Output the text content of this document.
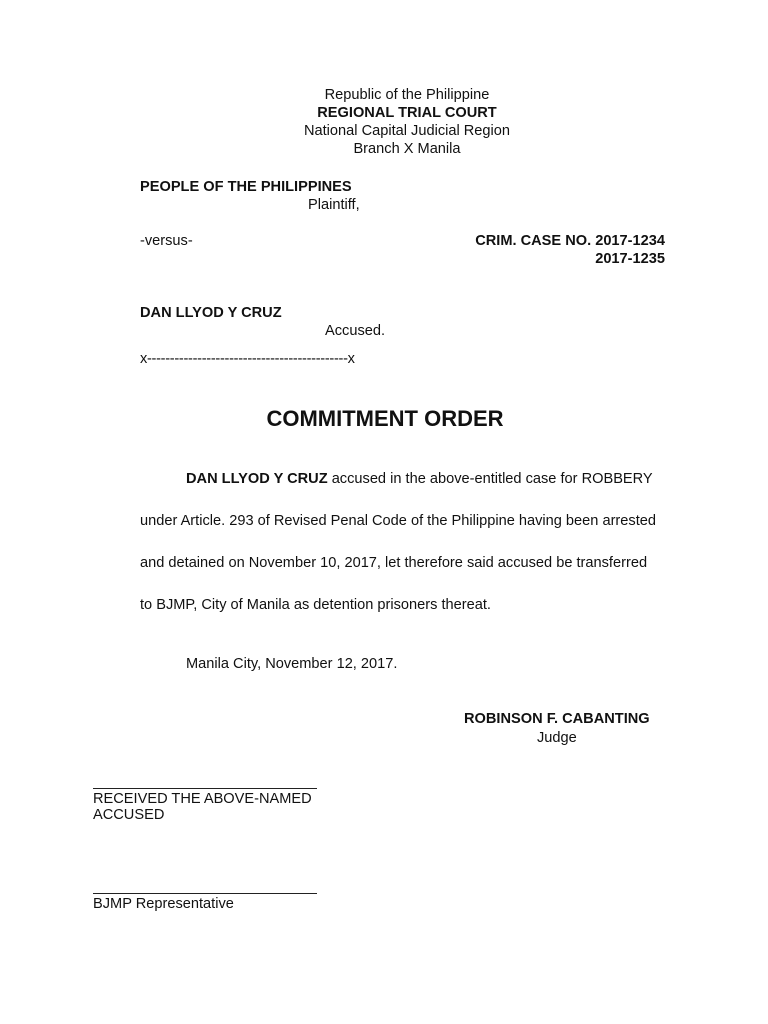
Republic of the Philippine
REGIONAL TRIAL COURT
National Capital Judicial Region
Branch X Manila
PEOPLE OF THE PHILIPPINES
Plaintiff,
-versus-	CRIM. CASE NO. 2017-1234
2017-1235
DAN LLYOD Y CRUZ
Accused.
x--------------------------------------------x
COMMITMENT ORDER
DAN LLYOD Y CRUZ accused in the above-entitled case for ROBBERY
under Article. 293 of Revised Penal Code of the Philippine having been arrested
and detained on November 10, 2017, let therefore said accused be transferred
to BJMP, City of Manila as detention prisoners thereat.
Manila City, November 12, 2017.
ROBINSON F. CABANTING
Judge
RECEIVED THE ABOVE-NAMED
ACCUSED
BJMP Representative
